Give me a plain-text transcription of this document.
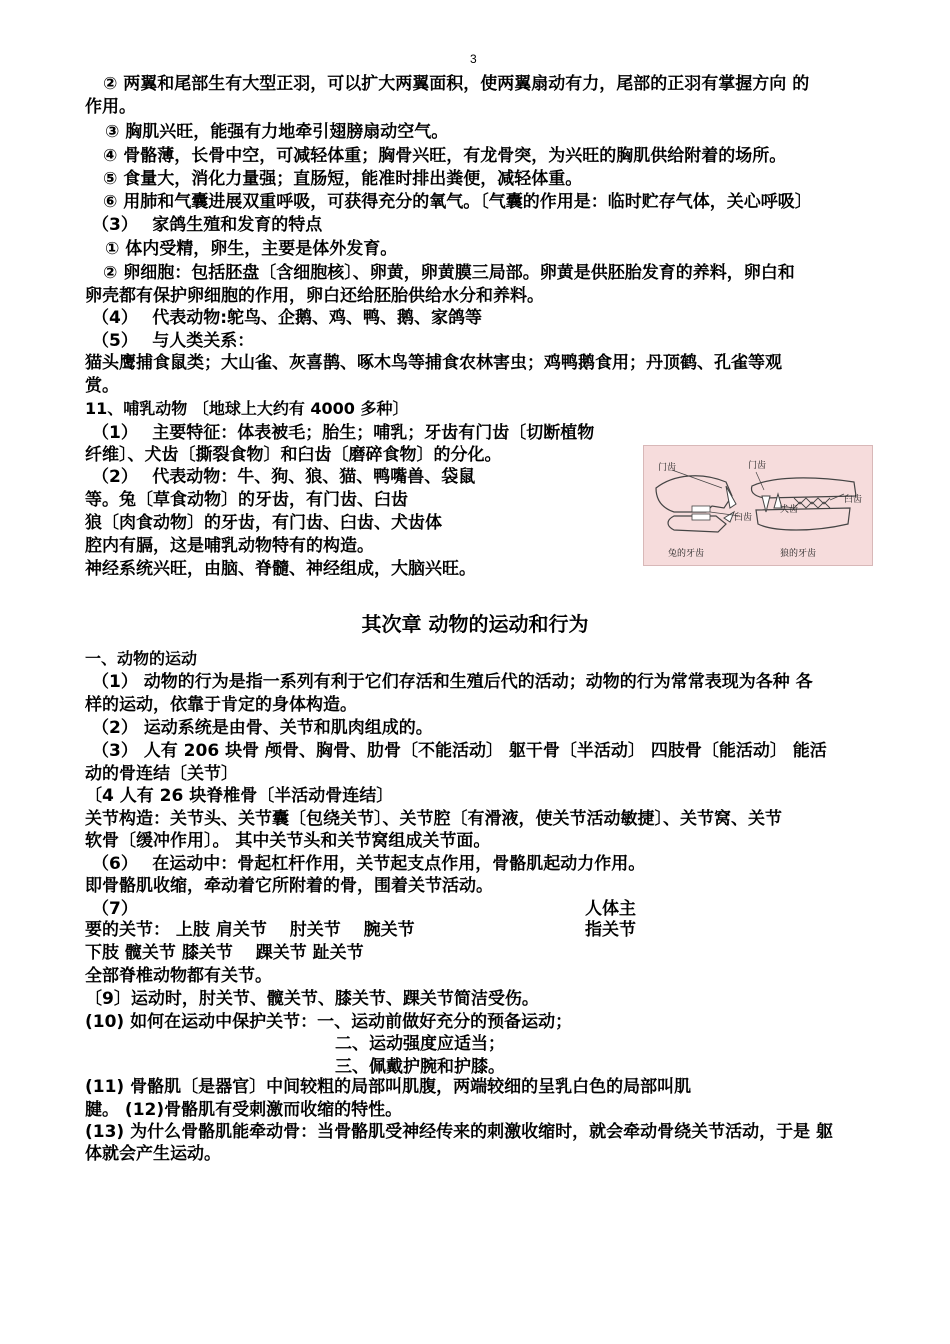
3
② 两翼和尾部生有大型正羽，可以扩大两翼面积，使两翼扇动有力，尾部的正羽有掌握方向 的
作用。
③ 胸肌兴旺，能强有力地牵引翅膀扇动空气。
④ 骨骼薄，长骨中空，可减轻体重；胸骨兴旺，有龙骨突，为兴旺的胸肌供给附着的场所。
⑤ 食量大，消化力量强；直肠短，能准时排出粪便，减轻体重。
⑥ 用肺和气囊进展双重呼吸，可获得充分的氧气。〔气囊的作用是：临时贮存气体，关心呼吸〕
（3）　 家鸽生殖和发育的特点
① 体内受精，卵生，主要是体外发育。
② 卵细胞：包括胚盘〔含细胞核〕、卵黄，卵黄膜三局部。卵黄是供胚胎发育的养料，卵白和
卵壳都有保护卵细胞的作用，卵白还给胚胎供给水分和养料。
（4）　 代表动物:鸵鸟、企鹅、鸡、鸭、鹅、家鸽等
（5）　 与人类关系：
猫头鹰捕食鼠类；大山雀、灰喜鹊、啄木鸟等捕食农林害虫；鸡鸭鹅食用；丹顶鹤、孔雀等观
赏。
11、哺乳动物 〔地球上大约有 4000 多种〕
（1）　 主要特征：体表被毛；胎生；哺乳；牙齿有门齿〔切断植物
纤维〕、犬齿〔撕裂食物〕和臼齿〔磨碎食物〕的分化。
（2）　 代表动物：牛、狗、狼、猫、鸭嘴兽、袋鼠
等。兔〔草食动物〕的牙齿，有门齿、臼齿
狼〔肉食动物〕的牙齿，有门齿、臼齿、犬齿体
腔内有膈，这是哺乳动物特有的构造。
神经系统兴旺，由脑、脊髓、神经组成，大脑兴旺。
门齿	门齿
臼齿
犬齿
臼齿
兔的牙齿	狼的牙齿
其次章 动物的运动和行为
一、动物的运动
（1） 动物的行为是指一系列有利于它们存活和生殖后代的活动；动物的行为常常表现为各种 各
样的运动，依靠于肯定的身体构造。
（2） 运动系统是由骨、关节和肌肉组成的。
（3） 人有 206 块骨 颅骨、胸骨、肋骨〔不能活动〕 躯干骨〔半活动〕 四肢骨〔能活动〕 能活
动的骨连结〔关节〕
〔4 人有 26 块脊椎骨〔半活动骨连结〕
关节构造：关节头、关节囊〔包绕关节〕、关节腔〔有滑液，使关节活动敏捷〕、关节窝、关节
软骨〔缓冲作用〕。 其中关节头和关节窝组成关节面。
（6）　 在运动中：骨起杠杆作用，关节起支点作用，骨骼肌起动力作用。
即骨骼肌收缩，牵动着它所附着的骨，围着关节活动。
（7）	人体主
要的关节： 上肢 肩关节 　肘关节 　腕关节	指关节
下肢 髋关节 膝关节 　踝关节 趾关节
全部脊椎动物都有关节。
〔9〕运动时，肘关节、髋关节、膝关节、踝关节简洁受伤。
(10) 如何在运动中保护关节：一、运动前做好充分的预备运动；
二、运动强度应适当；
三、佩戴护腕和护膝。
(11) 骨骼肌〔是器官〕中间较粗的局部叫肌腹，两端较细的呈乳白色的局部叫肌
腱。 (12)骨骼肌有受刺激而收缩的特性。
(13) 为什么骨骼肌能牵动骨：当骨骼肌受神经传来的刺激收缩时，就会牵动骨绕关节活动，于是 躯
体就会产生运动。
